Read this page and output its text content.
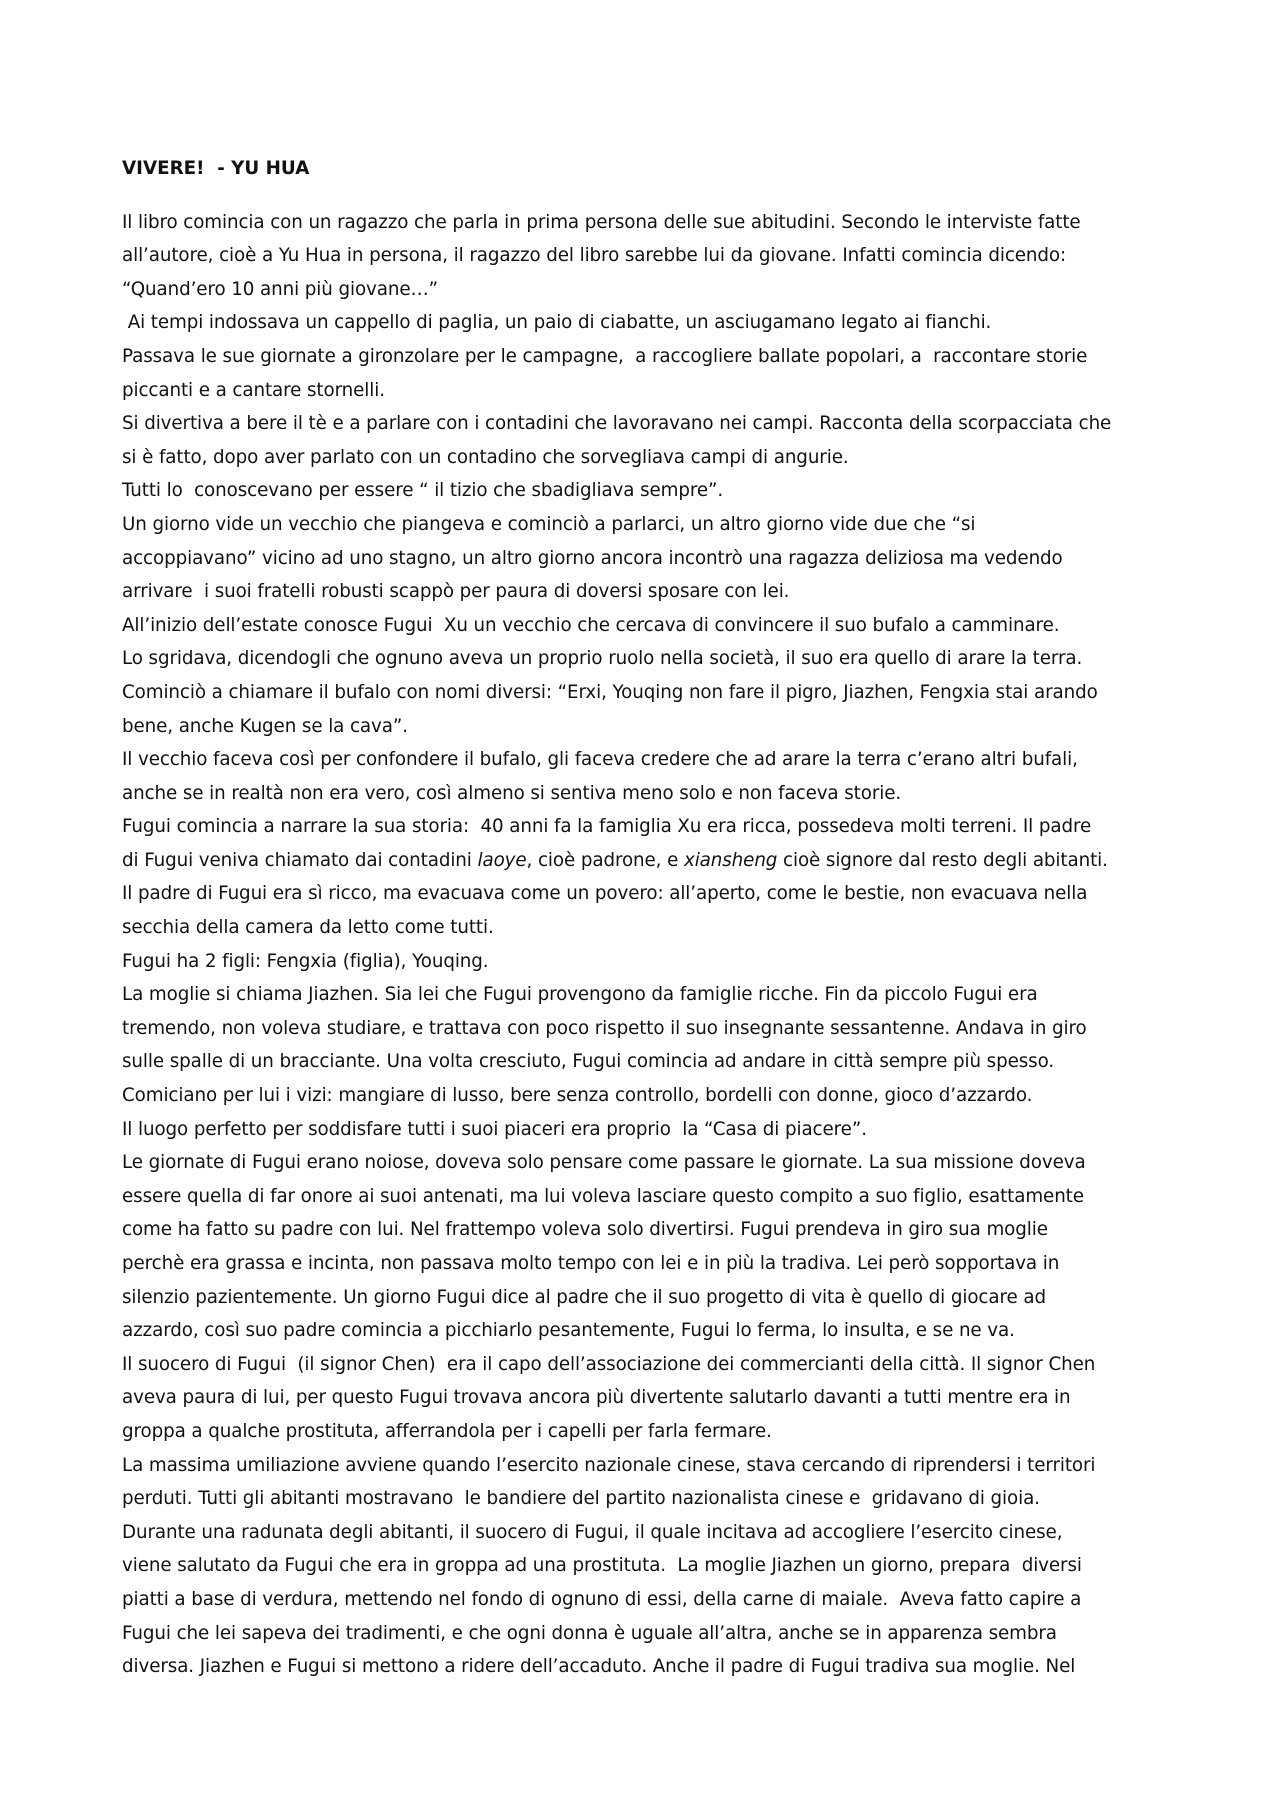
VIVERE!  - YU HUA
Il libro comincia con un ragazzo che parla in prima persona delle sue abitudini. Secondo le interviste fatte
all’autore, cioè a Yu Hua in persona, il ragazzo del libro sarebbe lui da giovane. Infatti comincia dicendo:
“Quand’ero 10 anni più giovane…”
Ai tempi indossava un cappello di paglia, un paio di ciabatte, un asciugamano legato ai fianchi.
Passava le sue giornate a gironzolare per le campagne,  a raccogliere ballate popolari, a  raccontare storie
piccanti e a cantare stornelli.
Si divertiva a bere il tè e a parlare con i contadini che lavoravano nei campi. Racconta della scorpacciata che
si è fatto, dopo aver parlato con un contadino che sorvegliava campi di angurie.
Tutti lo  conoscevano per essere “ il tizio che sbadigliava sempre”.
Un giorno vide un vecchio che piangeva e cominciò a parlarci, un altro giorno vide due che “si
accoppiavano” vicino ad uno stagno, un altro giorno ancora incontrò una ragazza deliziosa ma vedendo
arrivare  i suoi fratelli robusti scappò per paura di doversi sposare con lei.
All’inizio dell’estate conosce Fugui  Xu un vecchio che cercava di convincere il suo bufalo a camminare.
Lo sgridava, dicendogli che ognuno aveva un proprio ruolo nella società, il suo era quello di arare la terra.
Cominciò a chiamare il bufalo con nomi diversi: “Erxi, Youqing non fare il pigro, Jiazhen, Fengxia stai arando
bene, anche Kugen se la cava”.
Il vecchio faceva così per confondere il bufalo, gli faceva credere che ad arare la terra c’erano altri bufali,
anche se in realtà non era vero, così almeno si sentiva meno solo e non faceva storie.
Fugui comincia a narrare la sua storia:  40 anni fa la famiglia Xu era ricca, possedeva molti terreni. Il padre
di Fugui veniva chiamato dai contadini laoye, cioè padrone, e xiansheng cioè signore dal resto degli abitanti.
Il padre di Fugui era sì ricco, ma evacuava come un povero: all’aperto, come le bestie, non evacuava nella
secchia della camera da letto come tutti.
Fugui ha 2 figli: Fengxia (figlia), Youqing.
La moglie si chiama Jiazhen. Sia lei che Fugui provengono da famiglie ricche. Fin da piccolo Fugui era
tremendo, non voleva studiare, e trattava con poco rispetto il suo insegnante sessantenne. Andava in giro
sulle spalle di un bracciante. Una volta cresciuto, Fugui comincia ad andare in città sempre più spesso.
Comiciano per lui i vizi: mangiare di lusso, bere senza controllo, bordelli con donne, gioco d’azzardo.
Il luogo perfetto per soddisfare tutti i suoi piaceri era proprio  la “Casa di piacere”.
Le giornate di Fugui erano noiose, doveva solo pensare come passare le giornate. La sua missione doveva
essere quella di far onore ai suoi antenati, ma lui voleva lasciare questo compito a suo figlio, esattamente
come ha fatto su padre con lui. Nel frattempo voleva solo divertirsi. Fugui prendeva in giro sua moglie
perchè era grassa e incinta, non passava molto tempo con lei e in più la tradiva. Lei però sopportava in
silenzio pazientemente. Un giorno Fugui dice al padre che il suo progetto di vita è quello di giocare ad
azzardo, così suo padre comincia a picchiarlo pesantemente, Fugui lo ferma, lo insulta, e se ne va.
Il suocero di Fugui  (il signor Chen)  era il capo dell’associazione dei commercianti della città. Il signor Chen
aveva paura di lui, per questo Fugui trovava ancora più divertente salutarlo davanti a tutti mentre era in
groppa a qualche prostituta, afferrandola per i capelli per farla fermare.
La massima umiliazione avviene quando l’esercito nazionale cinese, stava cercando di riprendersi i territori
perduti. Tutti gli abitanti mostravano  le bandiere del partito nazionalista cinese e  gridavano di gioia.
Durante una radunata degli abitanti, il suocero di Fugui, il quale incitava ad accogliere l’esercito cinese,
viene salutato da Fugui che era in groppa ad una prostituta.  La moglie Jiazhen un giorno, prepara  diversi
piatti a base di verdura, mettendo nel fondo di ognuno di essi, della carne di maiale.  Aveva fatto capire a
Fugui che lei sapeva dei tradimenti, e che ogni donna è uguale all’altra, anche se in apparenza sembra
diversa. Jiazhen e Fugui si mettono a ridere dell’accaduto. Anche il padre di Fugui tradiva sua moglie. Nel
